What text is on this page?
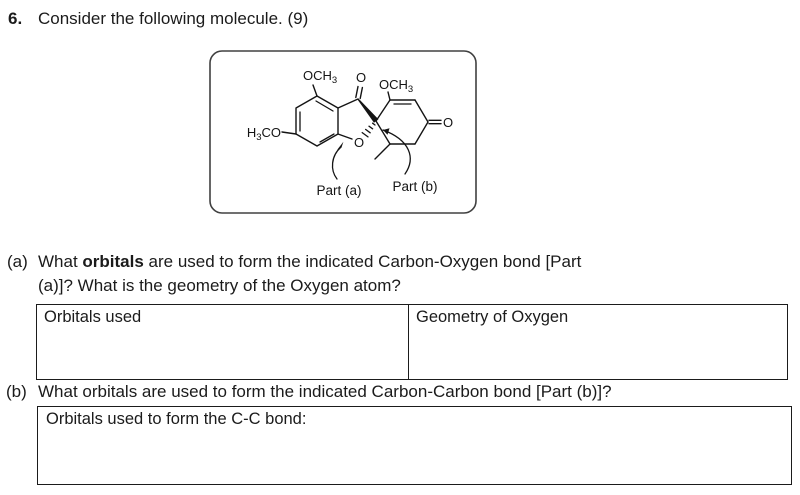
6. Consider the following molecule. (9)
$OCH_3$
$H_3CO$
O
O
O
$OCH_3$
Part (a) Part (b)
(a) What orbitals are used to form the indicated Carbon-Oxygen bond [Part
(a)]? What is the geometry of the Oxygen atom?
Orbitals used	Geometry of Oxygen
(b) What orbitals are used to form the indicated Carbon-Carbon bond [Part (b)]?
Orbitals used to form the C-C bond:
